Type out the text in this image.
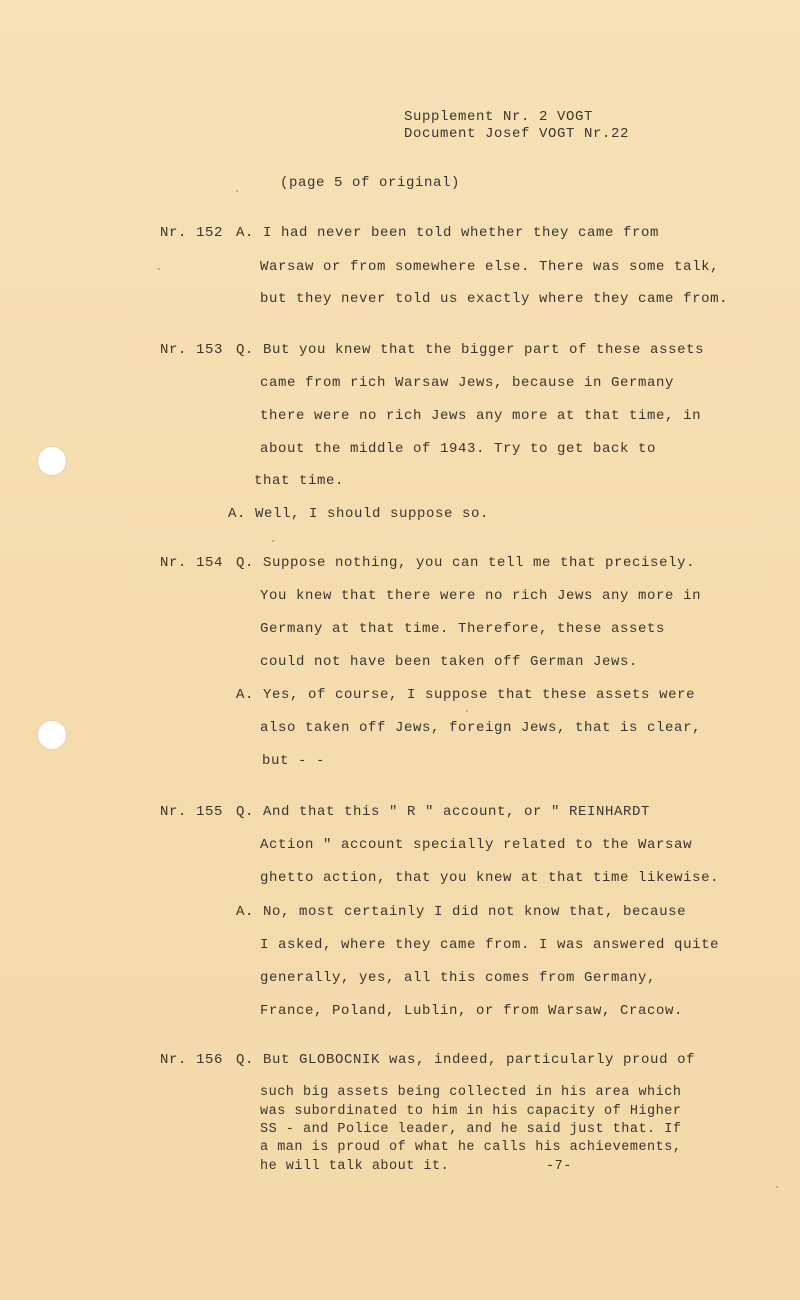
Supplement Nr. 2 VOGT
Document Josef VOGT Nr.22
(page 5 of original)
Nr. 152 A. I had never been told whether they came from
Warsaw or from somewhere else. There was some talk,
but they never told us exactly where they came from.
Nr. 153 Q. But you knew that the bigger part of these assets
came from rich Warsaw Jews, because in Germany
there were no rich Jews any more at that time, in
about the middle of 1943. Try to get back to
that time.
A. Well, I should suppose so.
Nr. 154 Q. Suppose nothing, you can tell me that precisely.
You knew that there were no rich Jews any more in
Germany at that time. Therefore, these assets
could not have been taken off German Jews.
A. Yes, of course, I suppose that these assets were
also taken off Jews, foreign Jews, that is clear,
but - -
Nr. 155 Q. And that this " R " account, or " REINHARDT
Action " account specially related to the Warsaw
ghetto action, that you knew at that time likewise.
A. No, most certainly I did not know that, because
I asked, where they came from. I was answered quite
generally, yes, all this comes from Germany,
France, Poland, Lublin, or from Warsaw, Cracow.
Nr. 156 Q. But GLOBOCNIK was, indeed, particularly proud of
such big assets being collected in his area which
was subordinated to him in his capacity of Higher
SS - and Police leader, and he said just that. If
a man is proud of what he calls his achievements,
he will talk about it.	-7-
